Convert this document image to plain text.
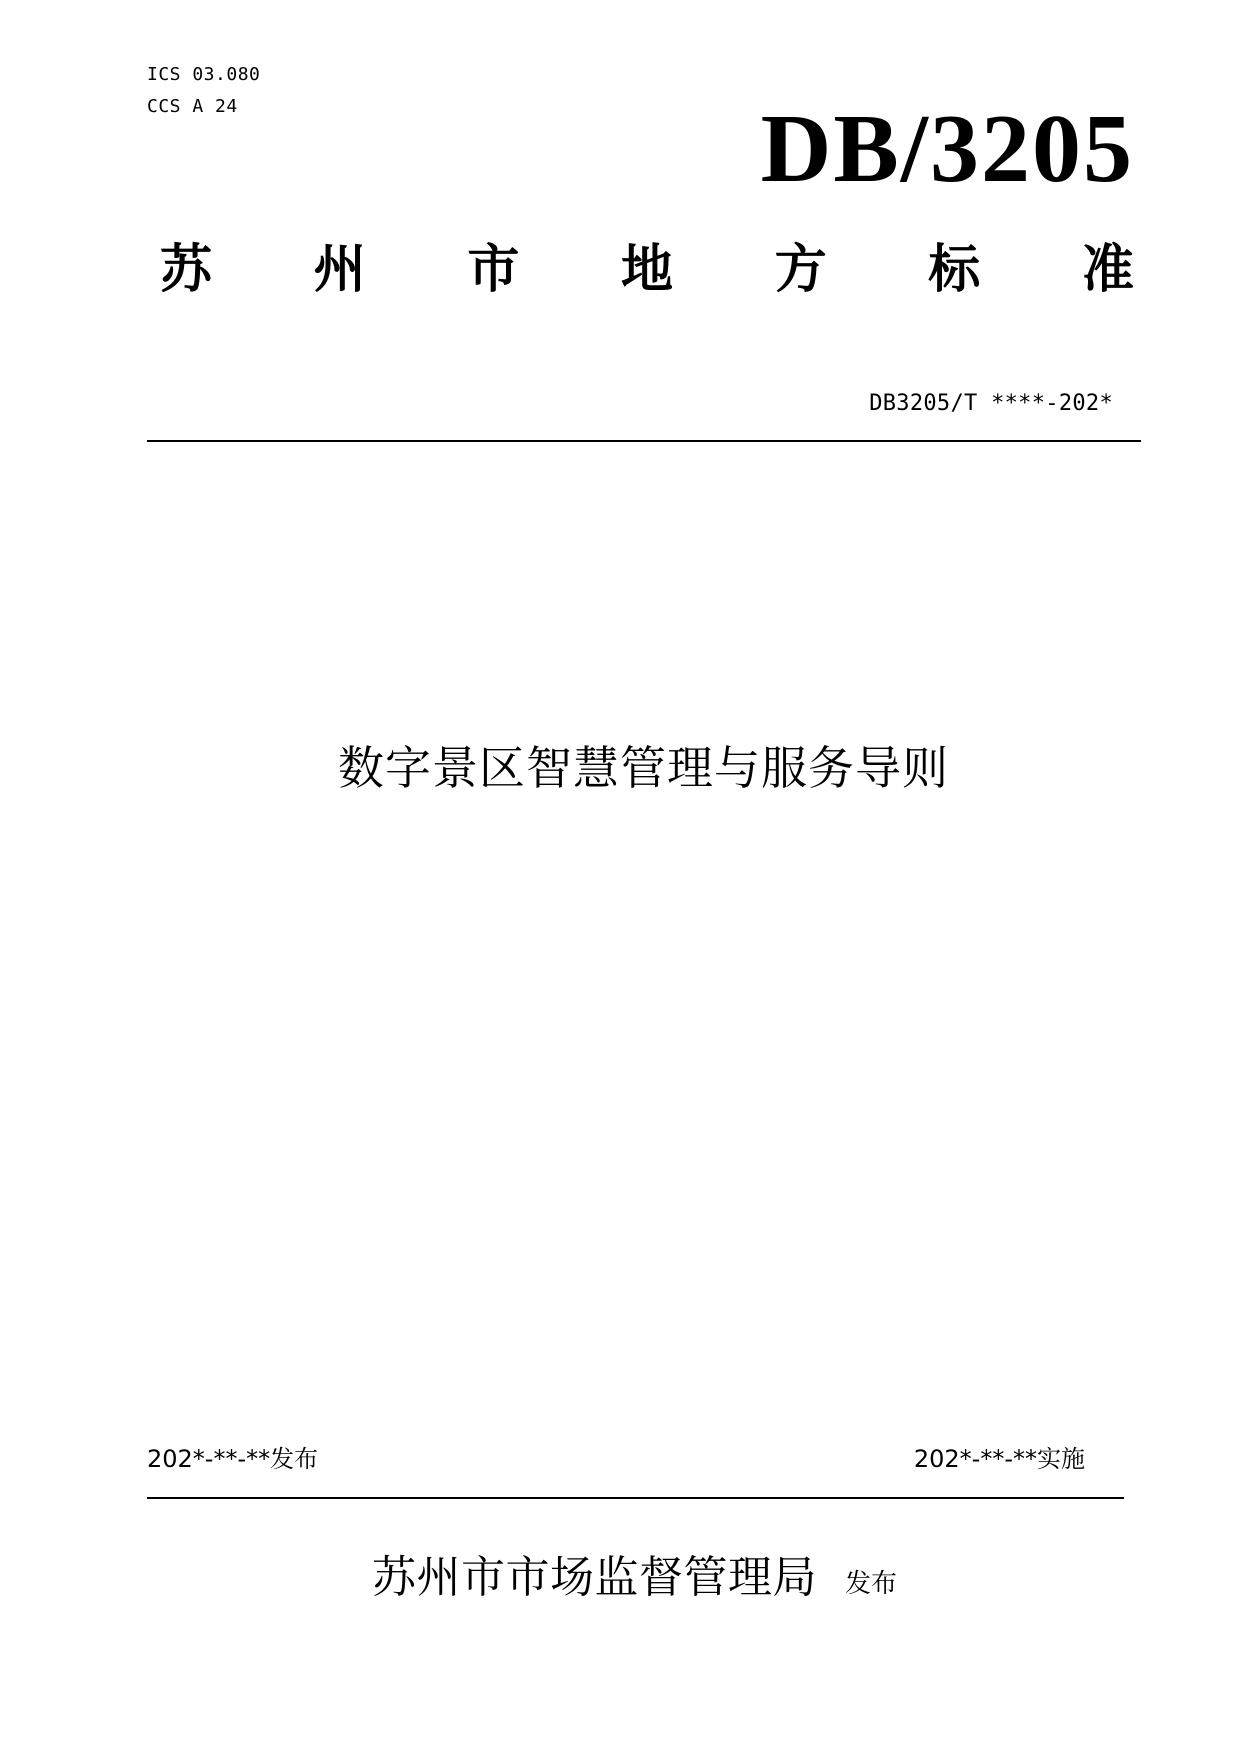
ICS 03.080
CCS A 24	DB/3205
苏 州 市 地 方 标 准
DB3205/T ****-202*
数字景区智慧管理与服务导则
202*-**-**发布	202*-**-**实施
苏州市市场监督管理局 发布
